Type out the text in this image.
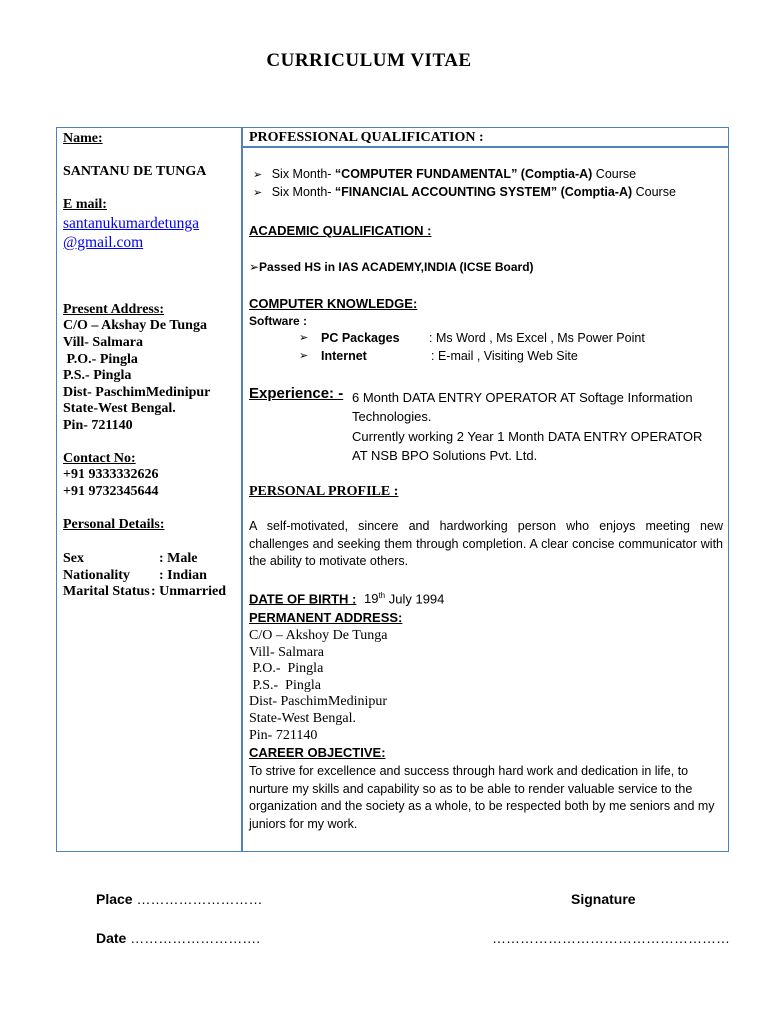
CURRICULUM VITAE
Name:
SANTANU DE TUNGA
E mail:
santanukumardetunga
@gmail.com
Present Address:
C/O – Akshay De Tunga
Vill- Salmara
P.O.- Pingla
P.S.- Pingla
Dist- PaschimMedinipur
State-West Bengal.
Pin- 721140
Contact No:
+91 9333332626
+91 9732345644
Personal Details:
Sex	: Male
Nationality	: Indian
Marital Status : Unmarried
PROFESSIONAL QUALIFICATION :
➢ Six Month- “COMPUTER FUNDAMENTAL” (Comptia-A) Course
➢ Six Month- “FINANCIAL ACCOUNTING SYSTEM” (Comptia-A) Course
ACADEMIC QUALIFICATION :
➢Passed HS in IAS ACADEMY,INDIA (ICSE Board)
COMPUTER KNOWLEDGE:
Software :
➢	PC Packages	: Ms Word , Ms Excel , Ms Power Point
➢	Internet	: E-mail , Visiting Web Site
Experience: - 6 Month DATA ENTRY OPERATOR AT Softage Information
Technologies.
Currently working 2 Year 1 Month DATA ENTRY OPERATOR
AT NSB BPO Solutions Pvt. Ltd.
PERSONAL PROFILE :
A self-motivated, sincere and hardworking person who enjoys meeting new challenges and seeking them through completion. A clear concise communicator with the ability to motivate others.
DATE OF BIRTH : 19th July 1994
PERMANENT ADDRESS:
C/O – Akshoy De Tunga
Vill- Salmara
P.O.-  Pingla
P.S.-  Pingla
Dist- PaschimMedinipur
State-West Bengal.
Pin- 721140
CAREER OBJECTIVE:
To strive for excellence and success through hard work and dedication in life, to nurture my skills and capability so as to be able to render valuable service to the organization and the society as a whole, to be respected both by me seniors and my juniors for my work.
Place ………………………	Signature
Date ……………………….	……………………………………………
